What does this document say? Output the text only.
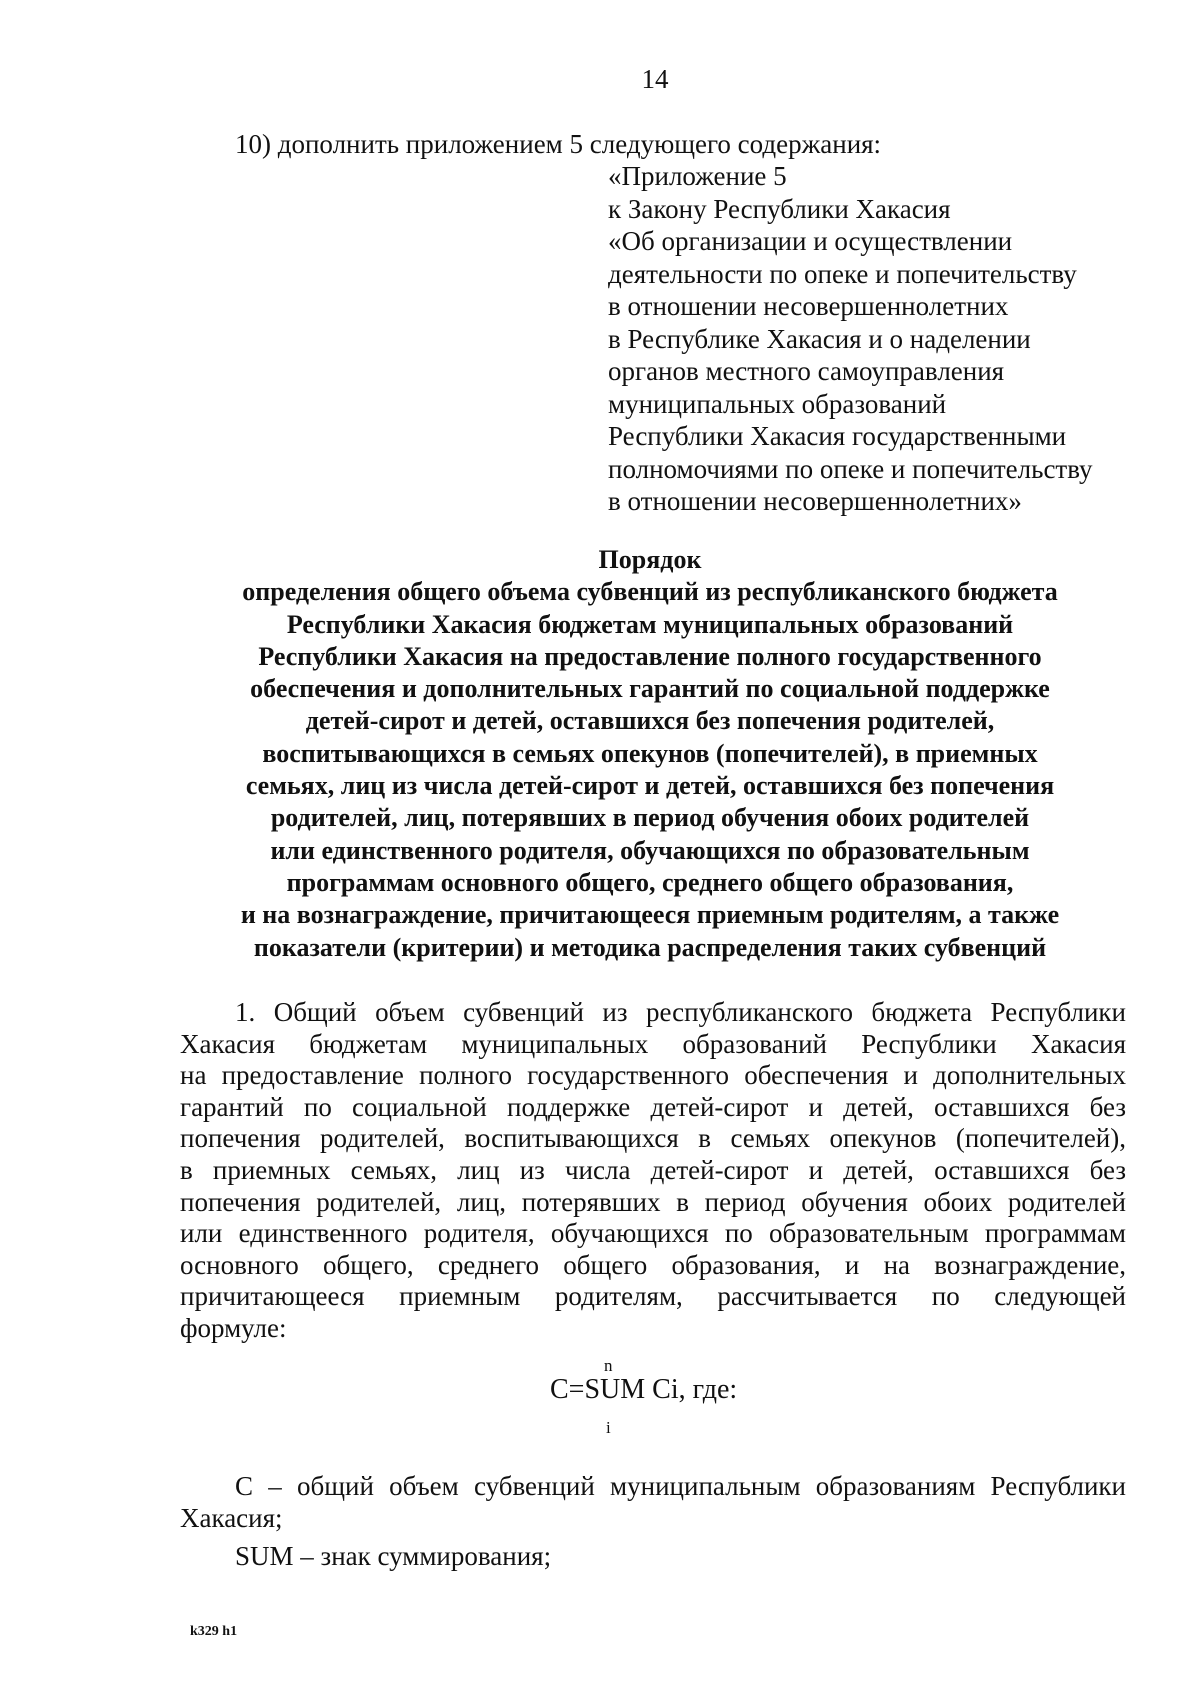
14
10) дополнить приложением 5 следующего содержания:
«Приложение 5
к Закону Республики Хакасия
«Об организации и осуществлении
деятельности по опеке и попечительству
в отношении несовершеннолетних
в Республике Хакасия и о наделении
органов местного самоуправления
муниципальных образований
Республики Хакасия государственными
полномочиями по опеке и попечительству
в отношении несовершеннолетних»
Порядок
определения общего объема субвенций из республиканского бюджета
Республики Хакасия бюджетам муниципальных образований
Республики Хакасия на предоставление полного государственного
обеспечения и дополнительных гарантий по социальной поддержке
детей-сирот и детей, оставшихся без попечения родителей,
воспитывающихся в семьях опекунов (попечителей), в приемных
семьях, лиц из числа детей-сирот и детей, оставшихся без попечения
родителей, лиц, потерявших в период обучения обоих родителей
или единственного родителя, обучающихся по образовательным
программам основного общего, среднего общего образования,
и на вознаграждение, причитающееся приемным родителям, а также
показатели (критерии) и методика распределения таких субвенций
1. Общий объем субвенций из республиканского бюджета Республики
Хакасия бюджетам муниципальных образований Республики Хакасия
на предоставление полного государственного обеспечения и дополнительных
гарантий по социальной поддержке детей-сирот и детей, оставшихся без
попечения родителей, воспитывающихся в семьях опекунов (попечителей),
в приемных семьях, лиц из числа детей-сирот и детей, оставшихся без
попечения родителей, лиц, потерявших в период обучения обоих родителей
или единственного родителя, обучающихся по образовательным программам
основного общего, среднего общего образования, и на вознаграждение,
причитающееся приемным родителям, рассчитывается по следующей
формуле:
n
C=SUM Ci, где:
i
С – общий объем субвенций муниципальным образованиям Республики
Хакасия;
SUM – знак суммирования;
k329 h1
